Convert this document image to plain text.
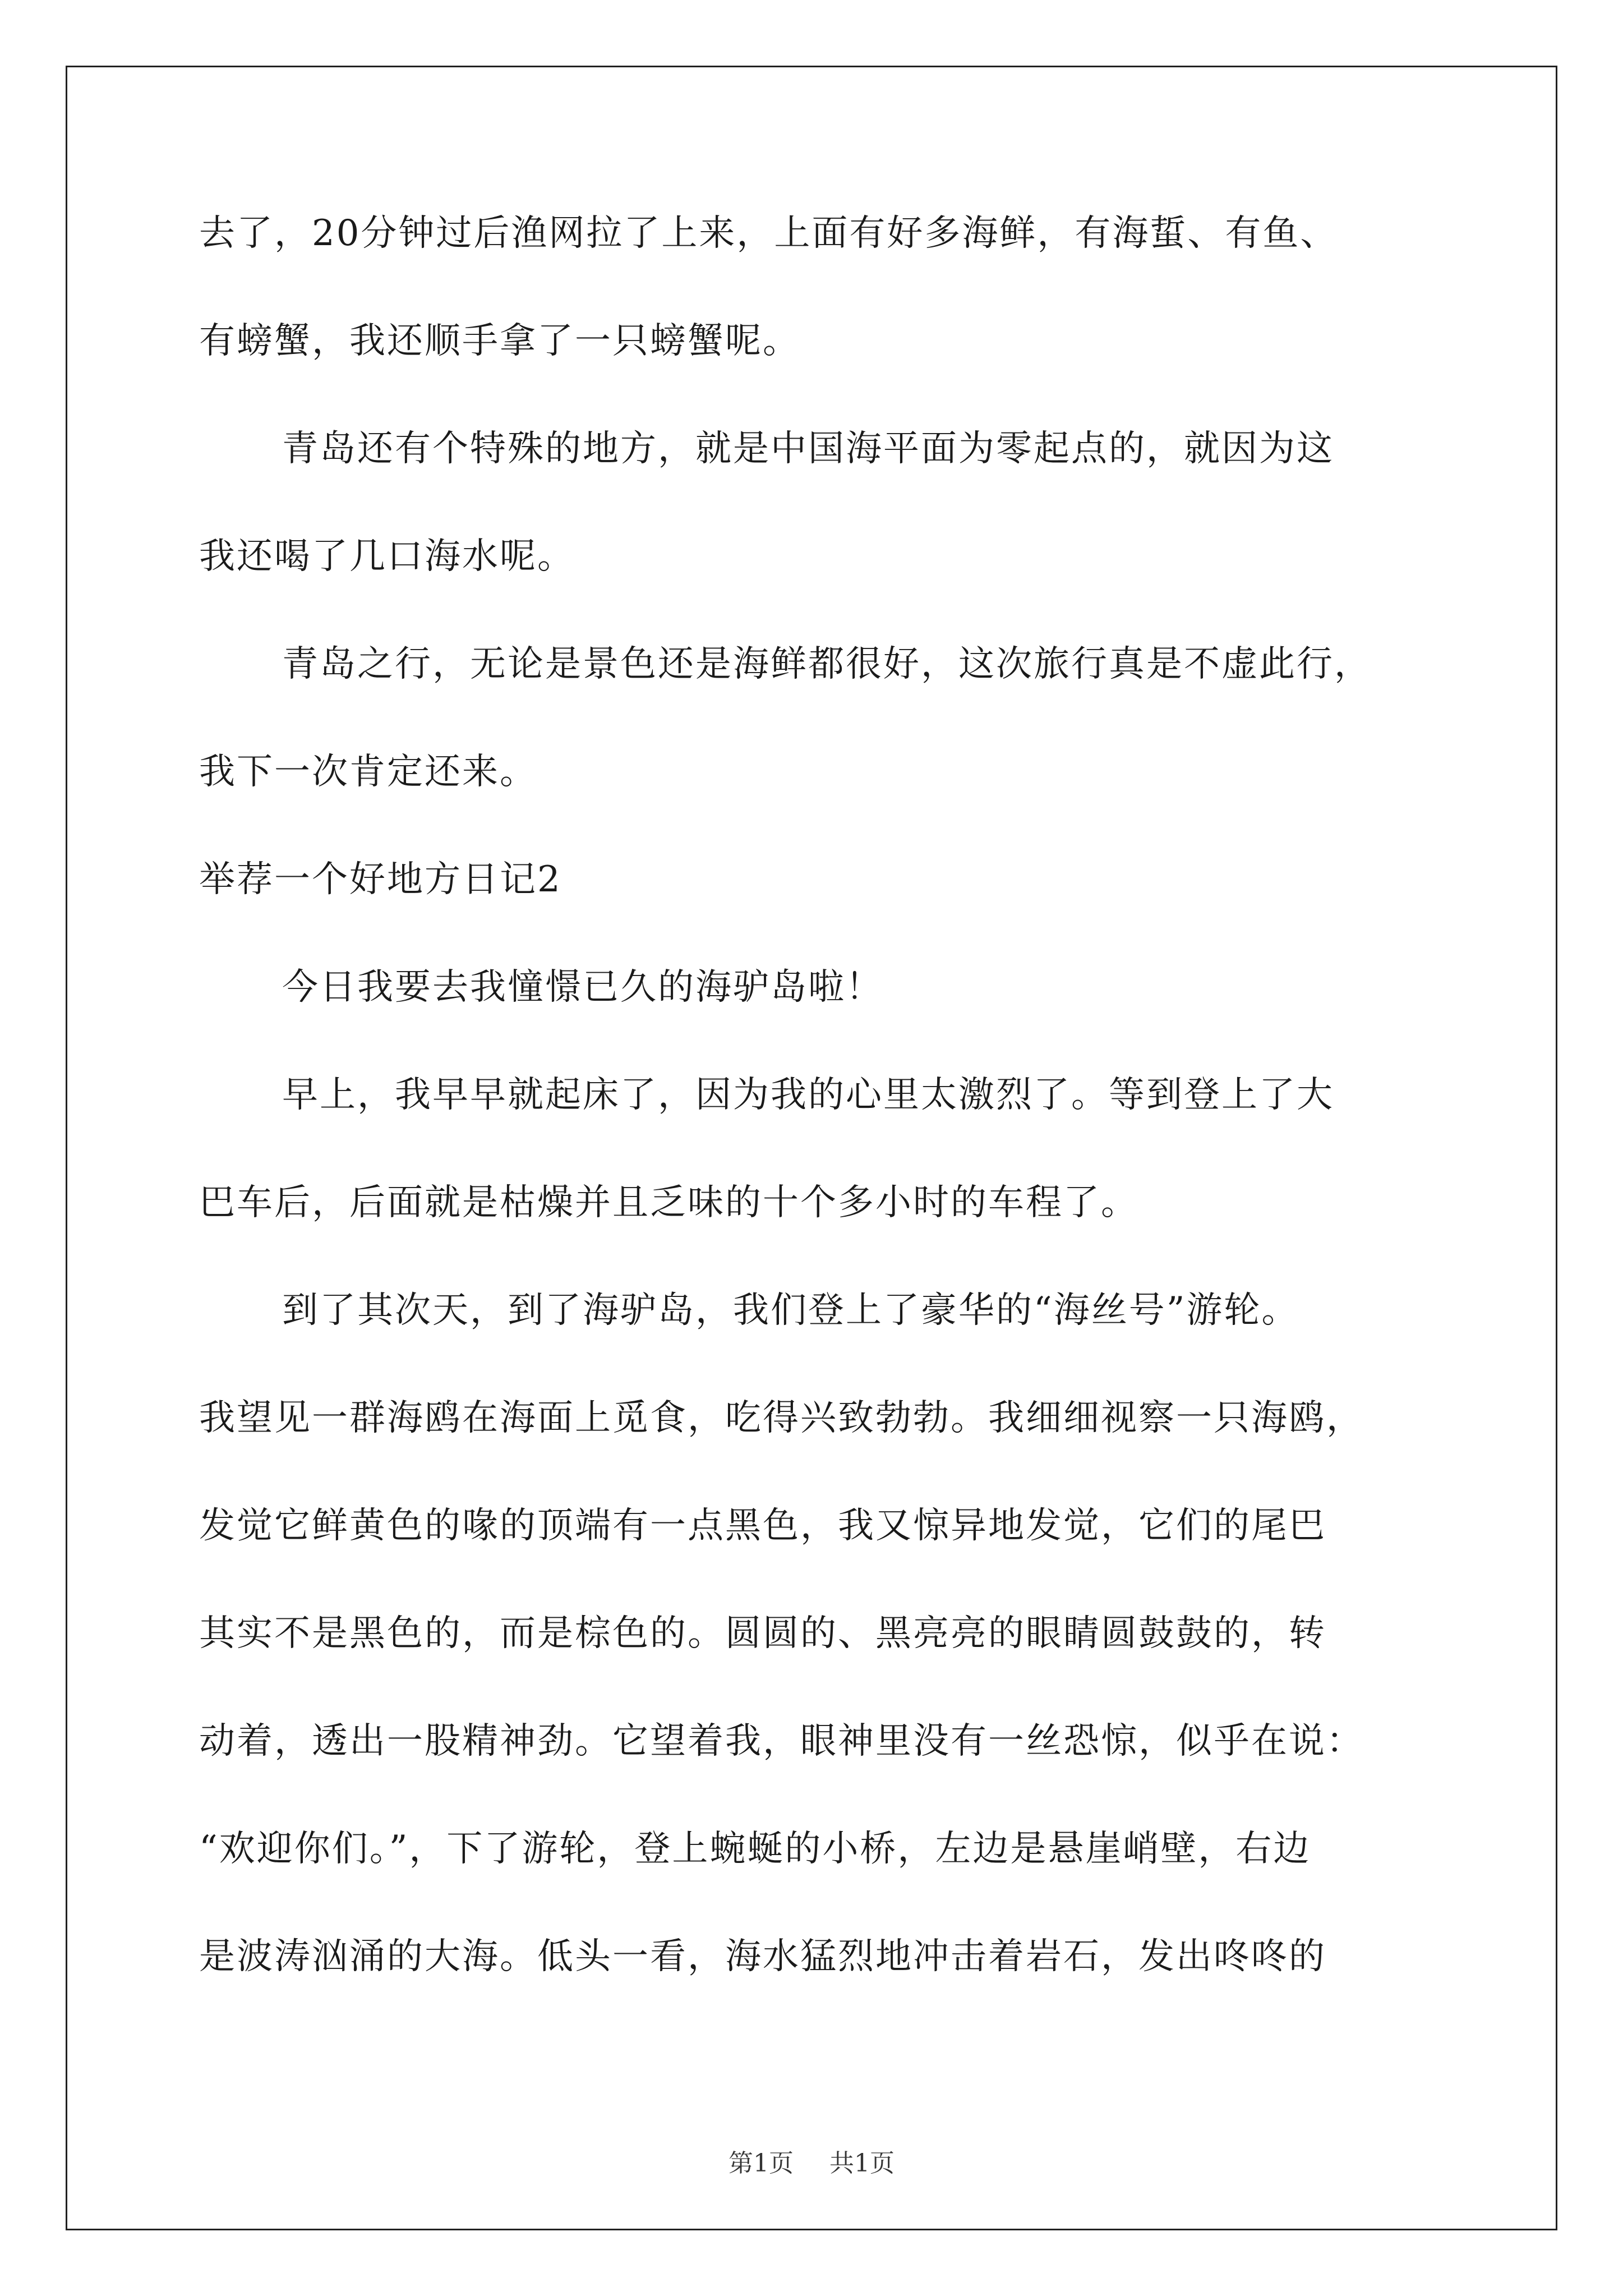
去了，20分钟过后渔网拉了上来，上面有好多海鲜，有海蜇、有鱼、
有螃蟹，我还顺手拿了一只螃蟹呢。
青岛还有个特殊的地方，就是中国海平面为零起点的，就因为这
我还喝了几口海水呢。
青岛之行，无论是景色还是海鲜都很好，这次旅行真是不虚此行，
我下一次肯定还来。
举荐一个好地方日记2
今日我要去我憧憬已久的海驴岛啦！
早上，我早早就起床了，因为我的心里太激烈了。等到登上了大
巴车后，后面就是枯燥并且乏味的十个多小时的车程了。
到了其次天，到了海驴岛，我们登上了豪华的“海丝号”游轮。
我望见一群海鸥在海面上觅食，吃得兴致勃勃。我细细视察一只海鸥，
发觉它鲜黄色的喙的顶端有一点黑色，我又惊异地发觉，它们的尾巴
其实不是黑色的，而是棕色的。圆圆的、黑亮亮的眼睛圆鼓鼓的，转
动着，透出一股精神劲。它望着我，眼神里没有一丝恐惊，似乎在说：
“欢迎你们。”，下了游轮，登上蜿蜒的小桥，左边是悬崖峭壁，右边
是波涛汹涌的大海。低头一看，海水猛烈地冲击着岩石，发出咚咚的
第1页 共1页
